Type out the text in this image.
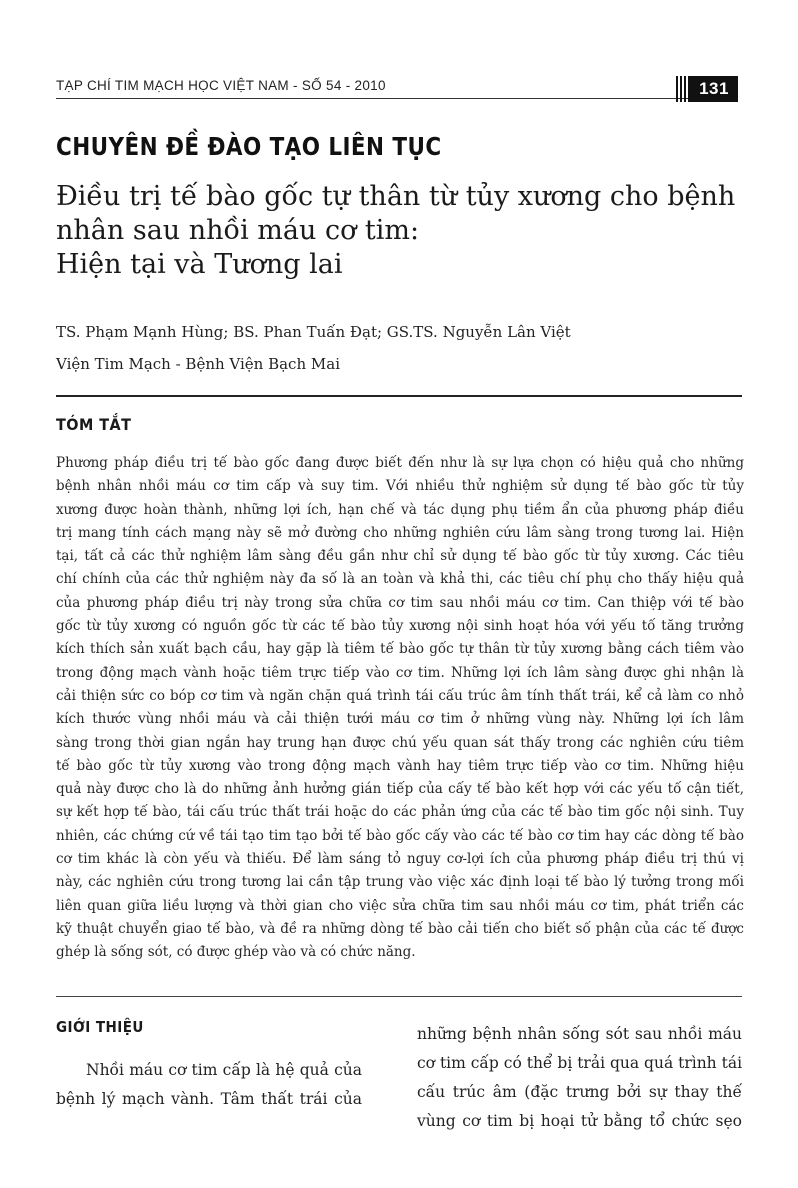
TẠP CHÍ TIM MẠCH HỌC VIỆT NAM - SỐ 54 - 2010	131
CHUYÊN ĐỀ ĐÀO TẠO LIÊN TỤC
Điều trị tế bào gốc tự thân từ tủy xương cho bệnh
nhân sau nhồi máu cơ tim:
Hiện tại và Tương lai
TS. Phạm Mạnh Hùng; BS. Phan Tuấn Đạt; GS.TS. Nguyễn Lân Việt
Viện Tim Mạch - Bệnh Viện Bạch Mai
TÓM TẮT
Phương pháp điều trị tế bào gốc đang được biết đến như là sự lựa chọn có hiệu quả cho những
bệnh nhân nhồi máu cơ tim cấp và suy tim. Với nhiều thử nghiệm sử dụng tế bào gốc từ tủy
xương được hoàn thành, những lợi ích, hạn chế và tác dụng phụ tiềm ẩn của phương pháp điều
trị mang tính cách mạng này sẽ mở đường cho những nghiên cứu lâm sàng trong tương lai. Hiện
tại, tất cả các thử nghiệm lâm sàng đều gần như chỉ sử dụng tế bào gốc từ tủy xương. Các tiêu
chí chính của các thử nghiệm này đa số là an toàn và khả thi, các tiêu chí phụ cho thấy hiệu quả
của phương pháp điều trị này trong sửa chữa cơ tim sau nhồi máu cơ tim. Can thiệp với tế bào
gốc từ tủy xương có nguồn gốc từ các tế bào tủy xương nội sinh hoạt hóa với yếu tố tăng trưởng
kích thích sản xuất bạch cầu, hay gặp là tiêm tế bào gốc tự thân từ tủy xương bằng cách tiêm vào
trong động mạch vành hoặc tiêm trực tiếp vào cơ tim. Những lợi ích lâm sàng được ghi nhận là
cải thiện sức co bóp cơ tim và ngăn chặn quá trình tái cấu trúc âm tính thất trái, kể cả làm co nhỏ
kích thước vùng nhồi máu và cải thiện tưới máu cơ tim ở những vùng này. Những lợi ích lâm
sàng trong thời gian ngắn hay trung hạn được chú yếu quan sát thấy trong các nghiên cứu tiêm
tế bào gốc từ tủy xương vào trong động mạch vành hay tiêm trực tiếp vào cơ tim. Những hiệu
quả này được cho là do những ảnh hưởng gián tiếp của cấy tế bào kết hợp với các yếu tố cận tiết,
sự kết hợp tế bào, tái cấu trúc thất trái hoặc do các phản ứng của các tế bào tim gốc nội sinh. Tuy
nhiên, các chứng cứ về tái tạo tim tạo bởi tế bào gốc cấy vào các tế bào cơ tim hay các dòng tế bào
cơ tim khác là còn yếu và thiếu. Để làm sáng tỏ nguy cơ-lợi ích của phương pháp điều trị thú vị
này, các nghiên cứu trong tương lai cần tập trung vào việc xác định loại tế bào lý tưởng trong mối
liên quan giữa liều lượng và thời gian cho việc sửa chữa tim sau nhồi máu cơ tim, phát triển các
kỹ thuật chuyển giao tế bào, và đề ra những dòng tế bào cải tiến cho biết số phận của các tế được
ghép là sống sót, có được ghép vào và có chức năng.
GIỚI THIỆU
Nhồi máu cơ tim cấp là hệ quả của
bệnh lý mạch vành. Tâm thất trái của
những bệnh nhân sống sót sau nhồi máu
cơ tim cấp có thể bị trải qua quá trình tái
cấu trúc âm (đặc trưng bởi sự thay thế
vùng cơ tim bị hoại tử bằng tổ chức sẹo
